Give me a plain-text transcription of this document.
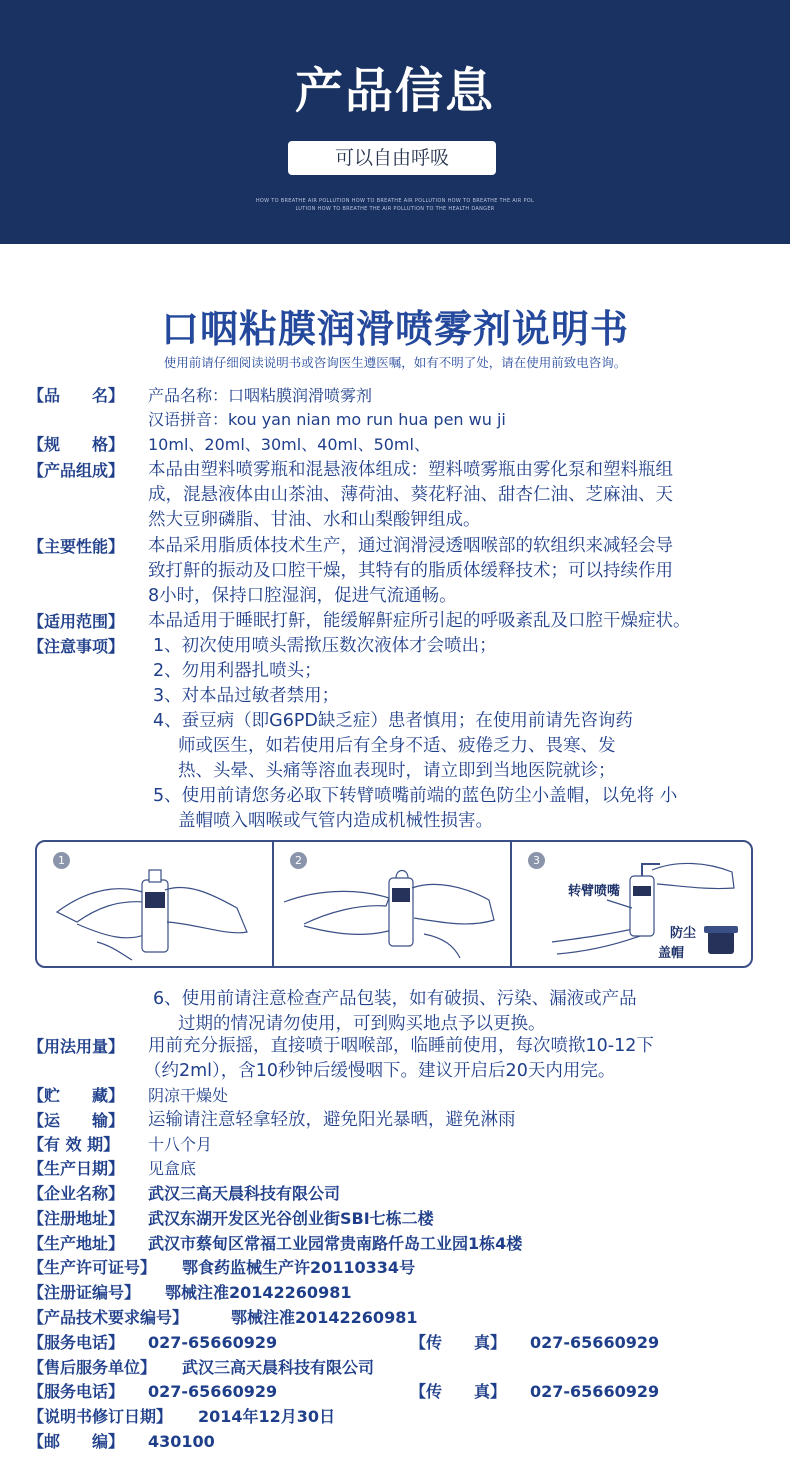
产品信息
可以自由呼吸
HOW TO BREATHE AIR POLLUTION HOW TO BREATHE AIR POLLUTION HOW TO BREATHE THE AIR POL
LUTION HOW TO BREATHE THE AIR POLLUTION TO THE HEALTH DANGER
口咽粘膜润滑喷雾剂说明书
使用前请仔细阅读说明书或咨询医生遵医嘱，如有不明了处，请在使用前致电咨询。
【品　　名】 产品名称：口咽粘膜润滑喷雾剂
汉语拼音：kou yan nian mo run hua pen wu ji
【规　　格】 10ml、20ml、30ml、40ml、50ml、
【产品组成】 本品由塑料喷雾瓶和混悬液体组成：塑料喷雾瓶由雾化泵和塑料瓶组
成，混悬液体由山茶油、薄荷油、葵花籽油、甜杏仁油、芝麻油、天
然大豆卵磷脂、甘油、水和山梨酸钾组成。
【主要性能】 本品采用脂质体技术生产，通过润滑浸透咽喉部的软组织来减轻会导
致打鼾的振动及口腔干燥，其特有的脂质体缓释技术；可以持续作用
8小时，保持口腔湿润，促进气流通畅。
【适用范围】 本品适用于睡眠打鼾，能缓解鼾症所引起的呼吸紊乱及口腔干燥症状。
【注意事项】 1、初次使用喷头需揿压数次液体才会喷出；
2、勿用利器扎喷头；
3、对本品过敏者禁用；
4、蚕豆病（即G6PD缺乏症）患者慎用；在使用前请先咨询药
师或医生，如若使用后有全身不适、疲倦乏力、畏寒、发
热、头晕、头痛等溶血表现时，请立即到当地医院就诊；
5、使用前请您务必取下转臂喷嘴前端的蓝色防尘小盖帽，以免将 小
盖帽喷入咽喉或气管内造成机械性损害。
1	2	3
转臂喷嘴
防尘
盖帽
6、使用前请注意检查产品包装，如有破损、污染、漏液或产品
过期的情况请勿使用，可到购买地点予以更换。
【用法用量】 用前充分振摇，直接喷于咽喉部，临睡前使用，每次喷揿10-12下
（约2ml），含10秒钟后缓慢咽下。建议开启后20天内用完。
【贮　　藏】 阴凉干燥处
【运　　输】 运输请注意轻拿轻放，避免阳光暴晒，避免淋雨
【有 效 期】 十八个月
【生产日期】 见盒底
【企业名称】 武汉三高天晨科技有限公司
【注册地址】 武汉东湖开发区光谷创业街SBI七栋二楼
【生产地址】 武汉市蔡甸区常福工业园常贵南路仟岛工业园1栋4楼
【生产许可证号】 鄂食药监械生产许20110334号
【注册证编号】 鄂械注准20142260981
【产品技术要求编号】	鄂械注准20142260981
【服务电话】 027-65660929	【传　　真】 027-65660929
【售后服务单位】 武汉三高天晨科技有限公司
【服务电话】 027-65660929	【传　　真】 027-65660929
【说明书修订日期】 2014年12月30日
【邮　　编】 430100
